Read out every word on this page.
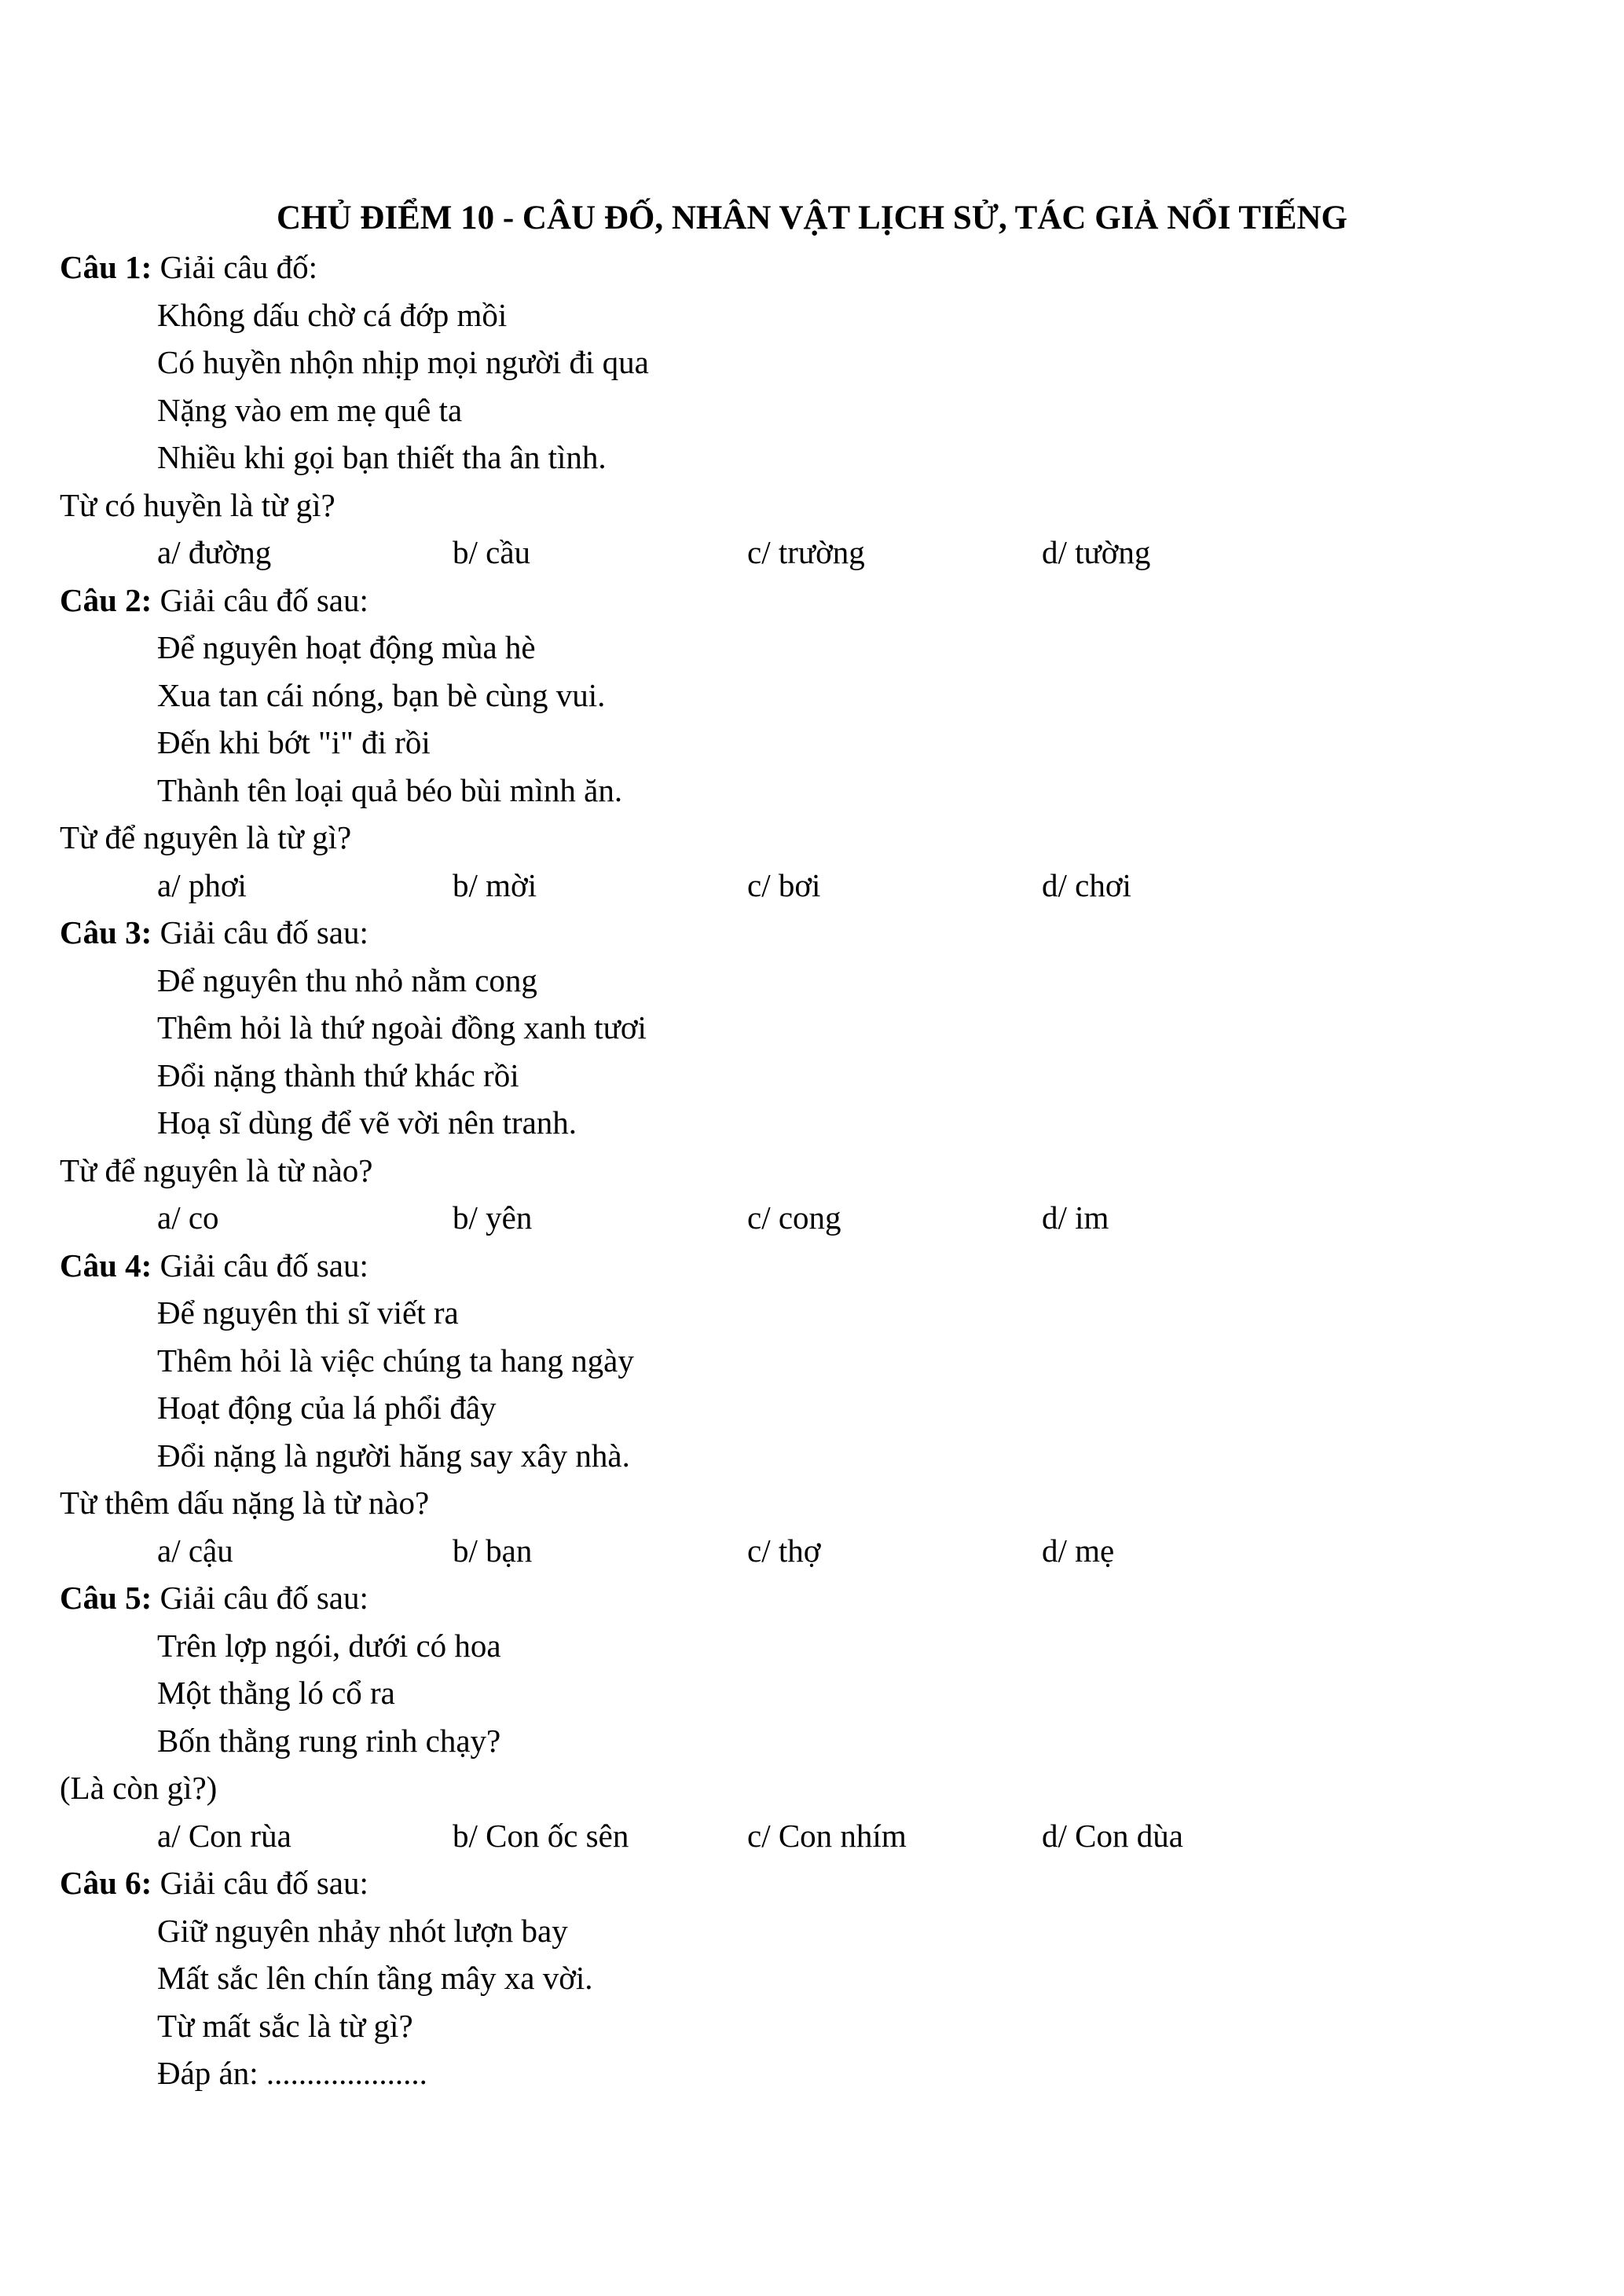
CHỦ ĐIỂM 10 - CÂU ĐỐ, NHÂN VẬT LỊCH SỬ, TÁC GIẢ NỔI TIẾNG
Câu 1: Giải câu đố:
Không dấu chờ cá đớp mồi
Có huyền nhộn nhịp mọi người đi qua
Nặng vào em mẹ quê ta
Nhiều khi gọi bạn thiết tha ân tình.
Từ có huyền là từ gì?
a/ đường	b/ cầu	c/ trường	d/ tường
Câu 2: Giải câu đố sau:
Để nguyên hoạt động mùa hè
Xua tan cái nóng, bạn bè cùng vui.
Đến khi bớt "i" đi rồi
Thành tên loại quả béo bùi mình ăn.
Từ để nguyên là từ gì?
a/ phơi	b/ mời	c/ bơi	d/ chơi
Câu 3: Giải câu đố sau:
Để nguyên thu nhỏ nằm cong
Thêm hỏi là thứ ngoài đồng xanh tươi
Đổi nặng thành thứ khác rồi
Hoạ sĩ dùng để vẽ vời nên tranh.
Từ để nguyên là từ nào?
a/ co	b/ yên	c/ cong	d/ im
Câu 4: Giải câu đố sau:
Để nguyên thi sĩ viết ra
Thêm hỏi là việc chúng ta hang ngày
Hoạt động của lá phổi đây
Đổi nặng là người hăng say xây nhà.
Từ thêm dấu nặng là từ nào?
a/ cậu	b/ bạn	c/ thợ	d/ mẹ
Câu 5: Giải câu đố sau:
Trên lợp ngói, dưới có hoa
Một thằng ló cổ ra
Bốn thằng rung rinh chạy?
(Là còn gì?)
a/ Con rùa	b/ Con ốc sên	c/ Con nhím	d/ Con dùa
Câu 6: Giải câu đố sau:
Giữ nguyên nhảy nhót lượn bay
Mất sắc lên chín tầng mây xa vời.
Từ mất sắc là từ gì?
Đáp án: ....................
